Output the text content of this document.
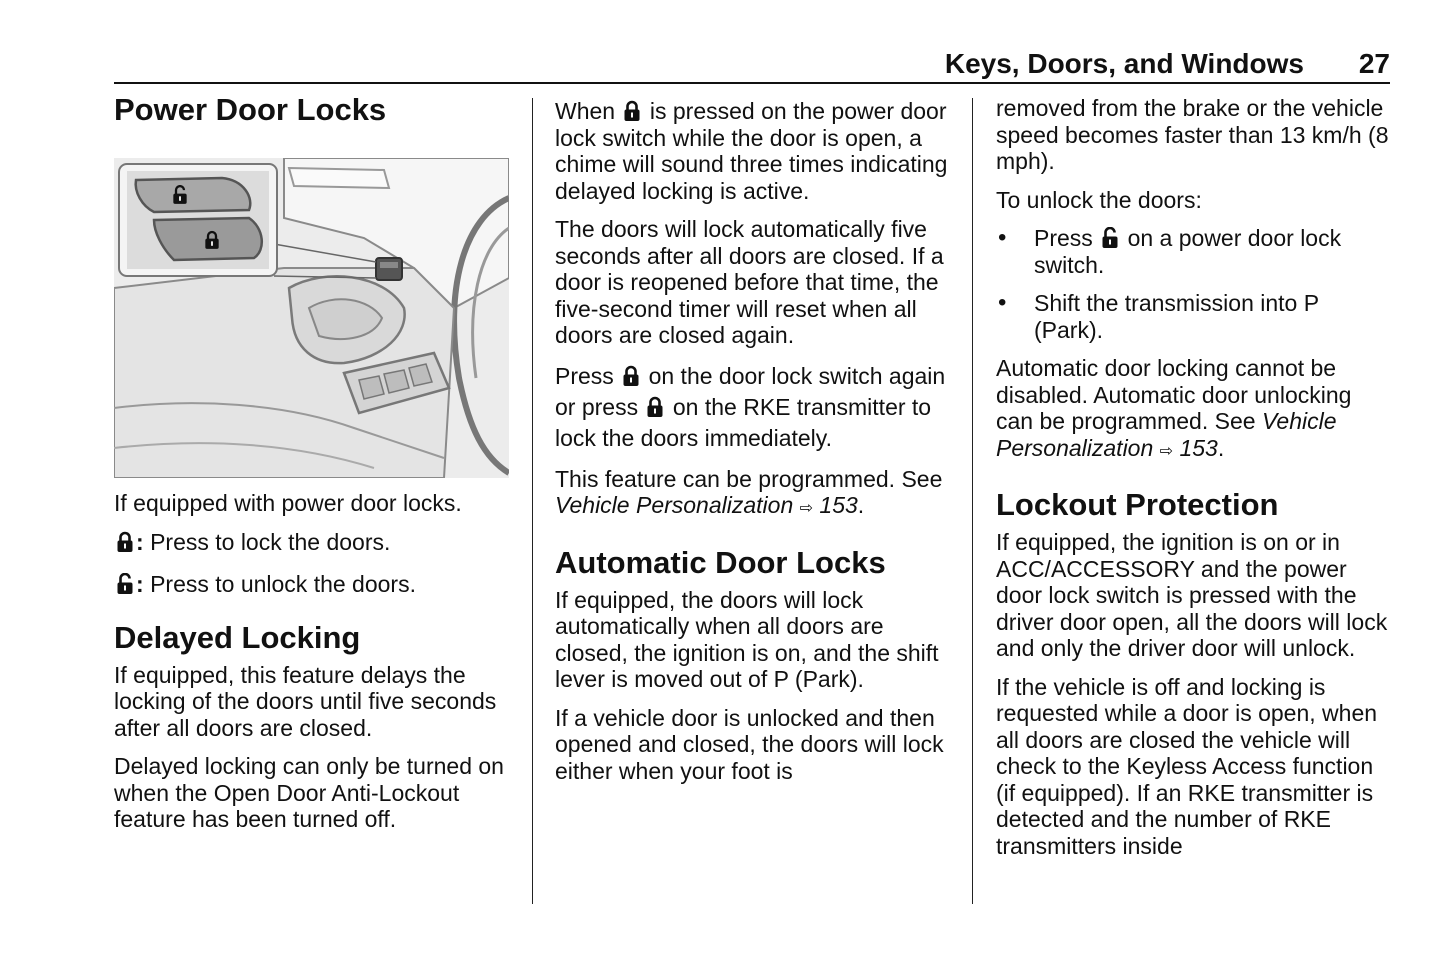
Keys, Doors, and Windows 27
Power Door Locks

If equipped with power door locks.

: Press to lock the doors.

: Press to unlock the doors.

Delayed Locking

If equipped, this feature delays the locking of the doors until five seconds after all doors are closed.

Delayed locking can only be turned on when the Open Door Anti-Lockout feature has been turned off.

When is pressed on the power door lock switch while the door is open, a chime will sound three times indicating delayed locking is active.

The doors will lock automatically five seconds after all doors are closed. If a door is reopened before that time, the five-second timer will reset when all doors are closed again.

Press on the door lock switch again or press on the RKE transmitter to lock the doors immediately.

This feature can be programmed. See Vehicle Personalization ⇨ 153.

Automatic Door Locks

If equipped, the doors will lock automatically when all doors are closed, the ignition is on, and the shift lever is moved out of P (Park).

If a vehicle door is unlocked and then opened and closed, the doors will lock either when your foot is

removed from the brake or the vehicle speed becomes faster than 13 km/h (8 mph).

To unlock the doors:

• Press on a power door lock switch.
• Shift the transmission into P (Park).

Automatic door locking cannot be disabled. Automatic door unlocking can be programmed. See Vehicle Personalization ⇨ 153.

Lockout Protection

If equipped, the ignition is on or in ACC/ACCESSORY and the power door lock switch is pressed with the driver door open, all the doors will lock and only the driver door will unlock.

If the vehicle is off and locking is requested while a door is open, when all doors are closed the vehicle will check to the Keyless Access function (if equipped). If an RKE transmitter is detected and the number of RKE transmitters inside
